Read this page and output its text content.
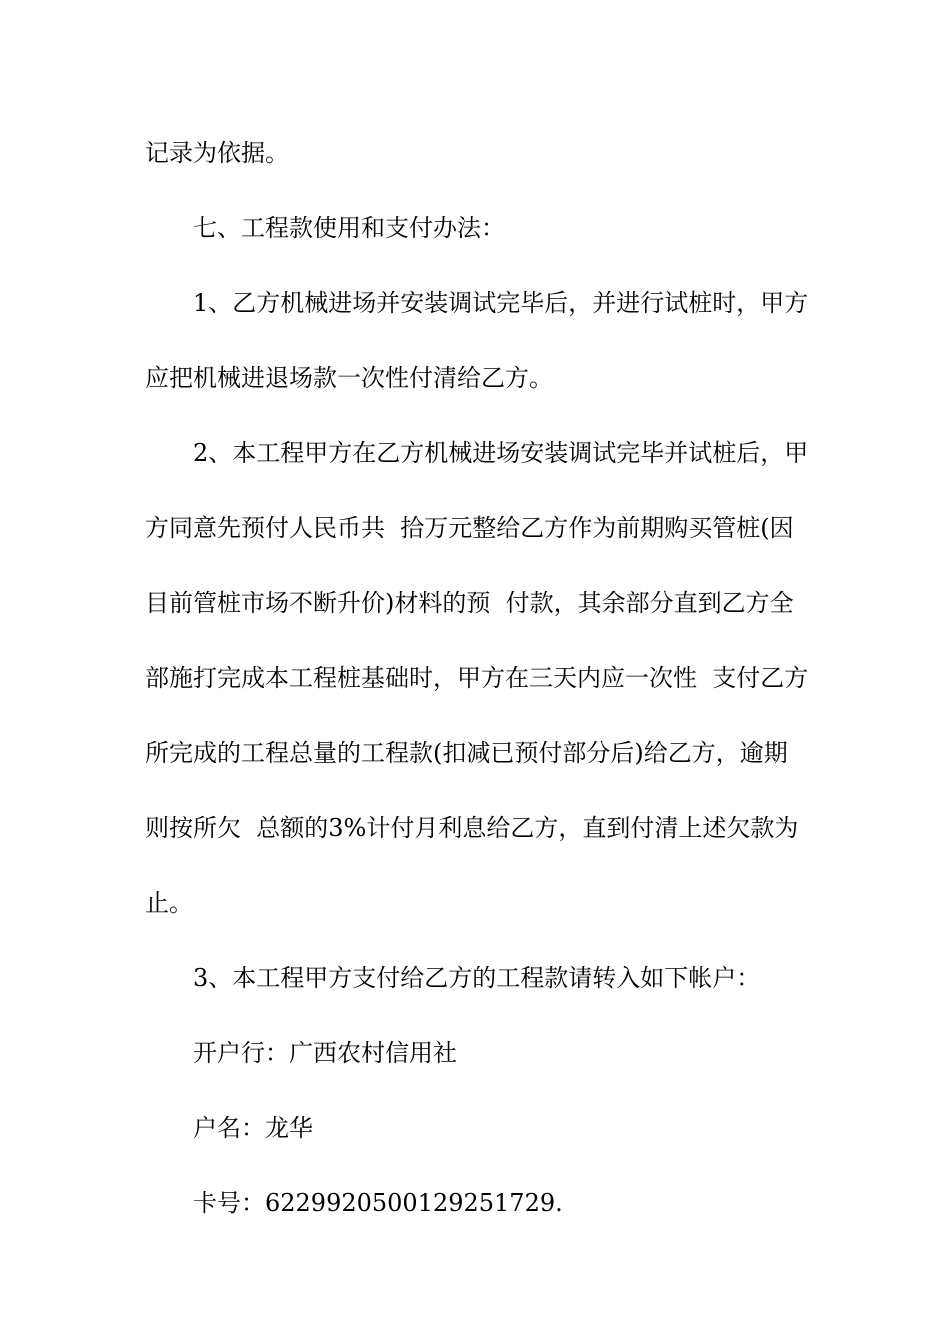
记录为依据。
七、工程款使用和支付办法：
1、乙方机械进场并安装调试完毕后，并进行试桩时，甲方
应把机械进退场款一次性付清给乙方。
2、本工程甲方在乙方机械进场安装调试完毕并试桩后，甲
方同意先预付人民币共  拾万元整给乙方作为前期购买管桩(因
目前管桩市场不断升价)材料的预  付款，其余部分直到乙方全
部施打完成本工程桩基础时，甲方在三天内应一次性  支付乙方
所完成的工程总量的工程款(扣减已预付部分后)给乙方，逾期
则按所欠  总额的3%计付月利息给乙方，直到付清上述欠款为
止。
3、本工程甲方支付给乙方的工程款请转入如下帐户：
开户行：广西农村信用社
户名：龙华
卡号：6229920500129251729.
